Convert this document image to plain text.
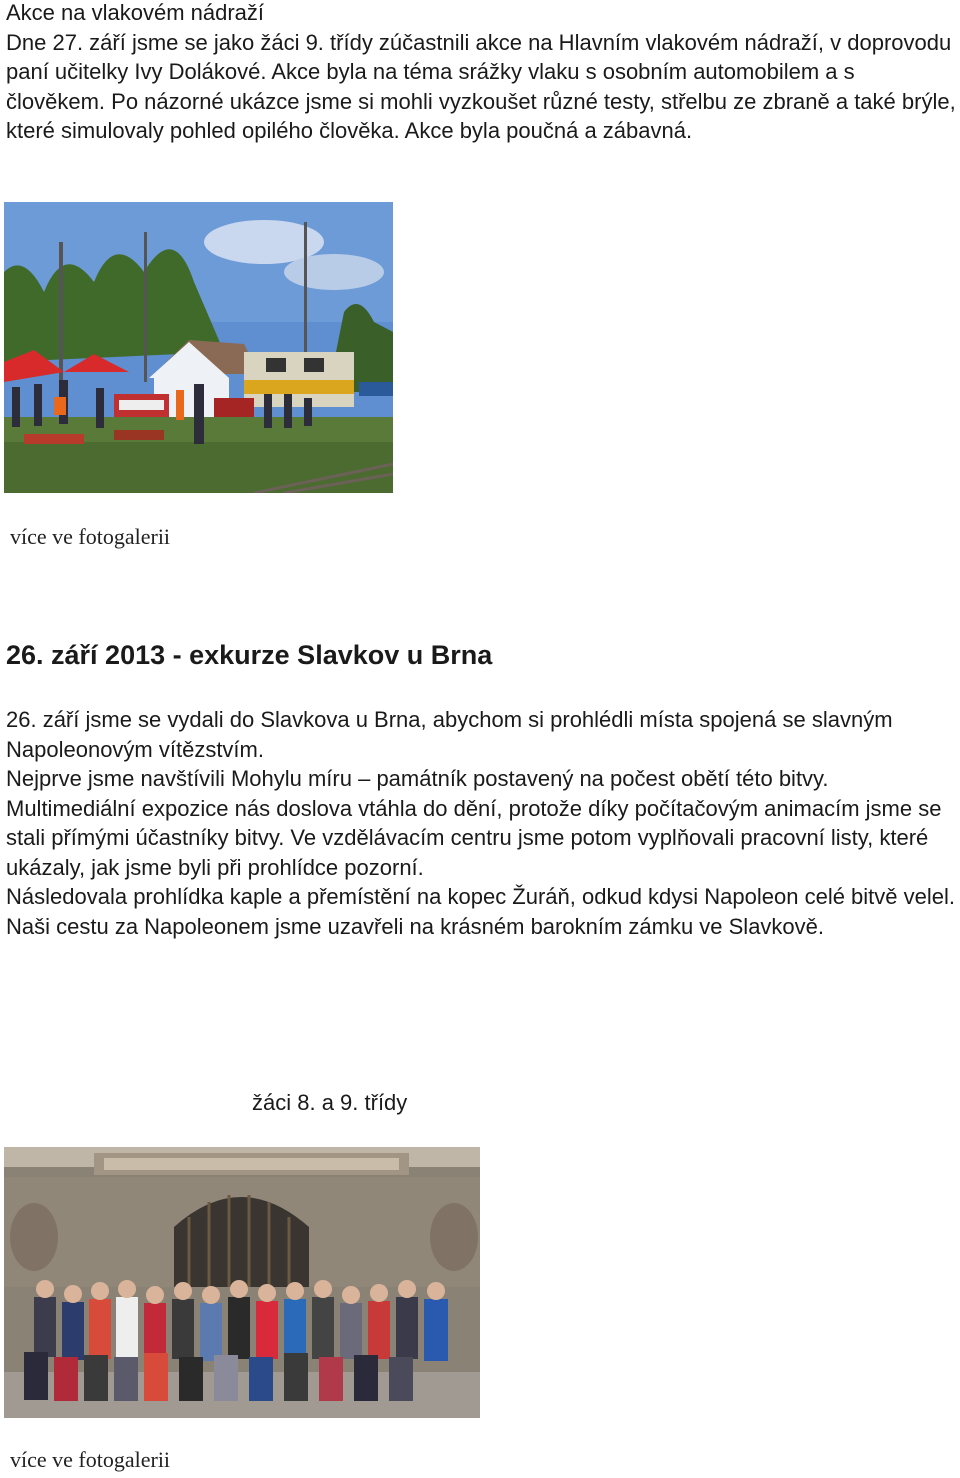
Akce na vlakovém nádraží

Dne 27. září jsme se jako žáci 9. třídy zúčastnili akce na Hlavním vlakovém nádraží, v doprovodu paní učitelky Ivy Dolákové. Akce byla na téma srážky vlaku s osobním automobilem a s člověkem. Po názorné ukázce jsme si mohli vyzkoušet různé testy, střelbu ze zbraně a také brýle, které simulovaly pohled opilého člověka. Akce byla poučná a zábavná.

více ve fotogalerii

26. září 2013 - exkurze Slavkov u Brna

26. září jsme se vydali do Slavkova u Brna, abychom si prohlédli místa spojená se slavným Napoleonovým vítězstvím.

Nejprve jsme navštívili Mohylu míru – památník postavený na počest obětí této bitvy. Multimediální expozice nás doslova vtáhla do dění, protože díky počítačovým animacím jsme se stali přímými účastníky bitvy. Ve vzdělávacím centru jsme potom vyplňovali pracovní listy, které ukázaly, jak jsme byli při prohlídce pozorní.

Následovala prohlídka kaple a přemístění na kopec Žuráň, odkud kdysi Napoleon celé bitvě velel.

Naši cestu za Napoleonem jsme uzavřeli na krásném barokním zámku ve Slavkově.

žáci 8. a 9. třídy

více ve fotogalerii
